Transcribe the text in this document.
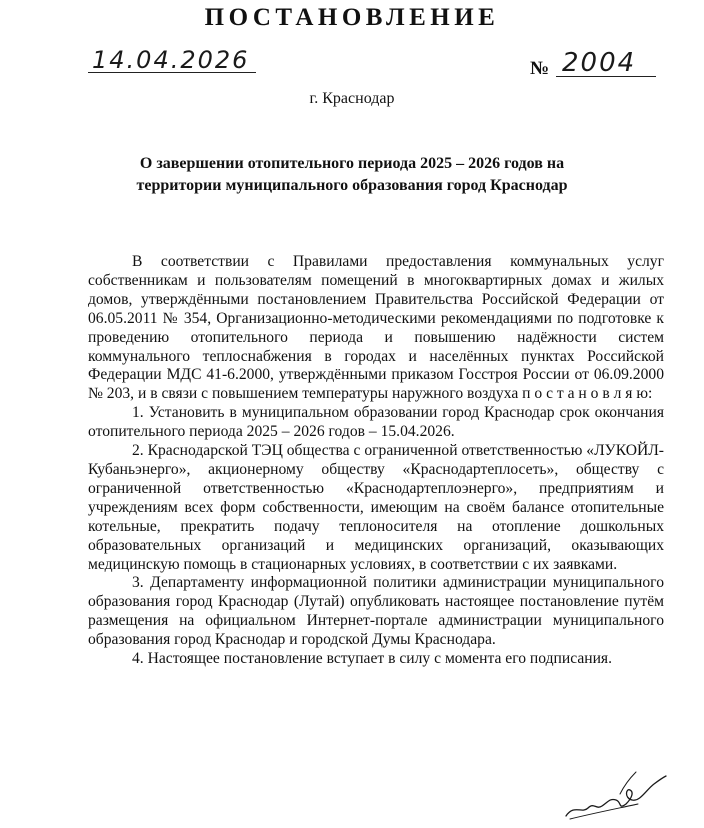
ПОСТАНОВЛЕНИЕ
14.04.2026	№ 2004
г. Краснодар
О завершении отопительного периода 2025 – 2026 годов на
территории муниципального образования город Краснодар

В соответствии с Правилами предоставления коммунальных услуг собственникам и пользователям помещений в многоквартирных домах и жилых домов, утверждёнными постановлением Правительства Российской Федерации от 06.05.2011 № 354, Организационно-методическими рекомендациями по подготовке к проведению отопительного периода и повышению надёжности систем коммунального теплоснабжения в городах и населённых пунктах Российской Федерации МДС 41-6.2000, утверждёнными приказом Госстроя России от 06.09.2000 № 203, и в связи с повышением температуры наружного воздуха п о с т а н о в л я ю:

1. Установить в муниципальном образовании город Краснодар срок окончания отопительного периода 2025 – 2026 годов – 15.04.2026.

2. Краснодарской ТЭЦ общества с ограниченной ответственностью «ЛУКОЙЛ-Кубаньэнерго», акционерному обществу «Краснодартеплосеть», обществу с ограниченной ответственностью «Краснодартеплоэнерго», предприятиям и учреждениям всех форм собственности, имеющим на своём балансе отопительные котельные, прекратить подачу теплоносителя на отопление дошкольных образовательных организаций и медицинских организаций, оказывающих медицинскую помощь в стационарных условиях, в соответствии с их заявками.

3. Департаменту информационной политики администрации муниципального образования город Краснодар (Лутай) опубликовать настоящее постановление путём размещения на официальном Интернет-портале администрации муниципального образования город Краснодар и городской Думы Краснодара.

4. Настоящее постановление вступает в силу с момента его подписания.
